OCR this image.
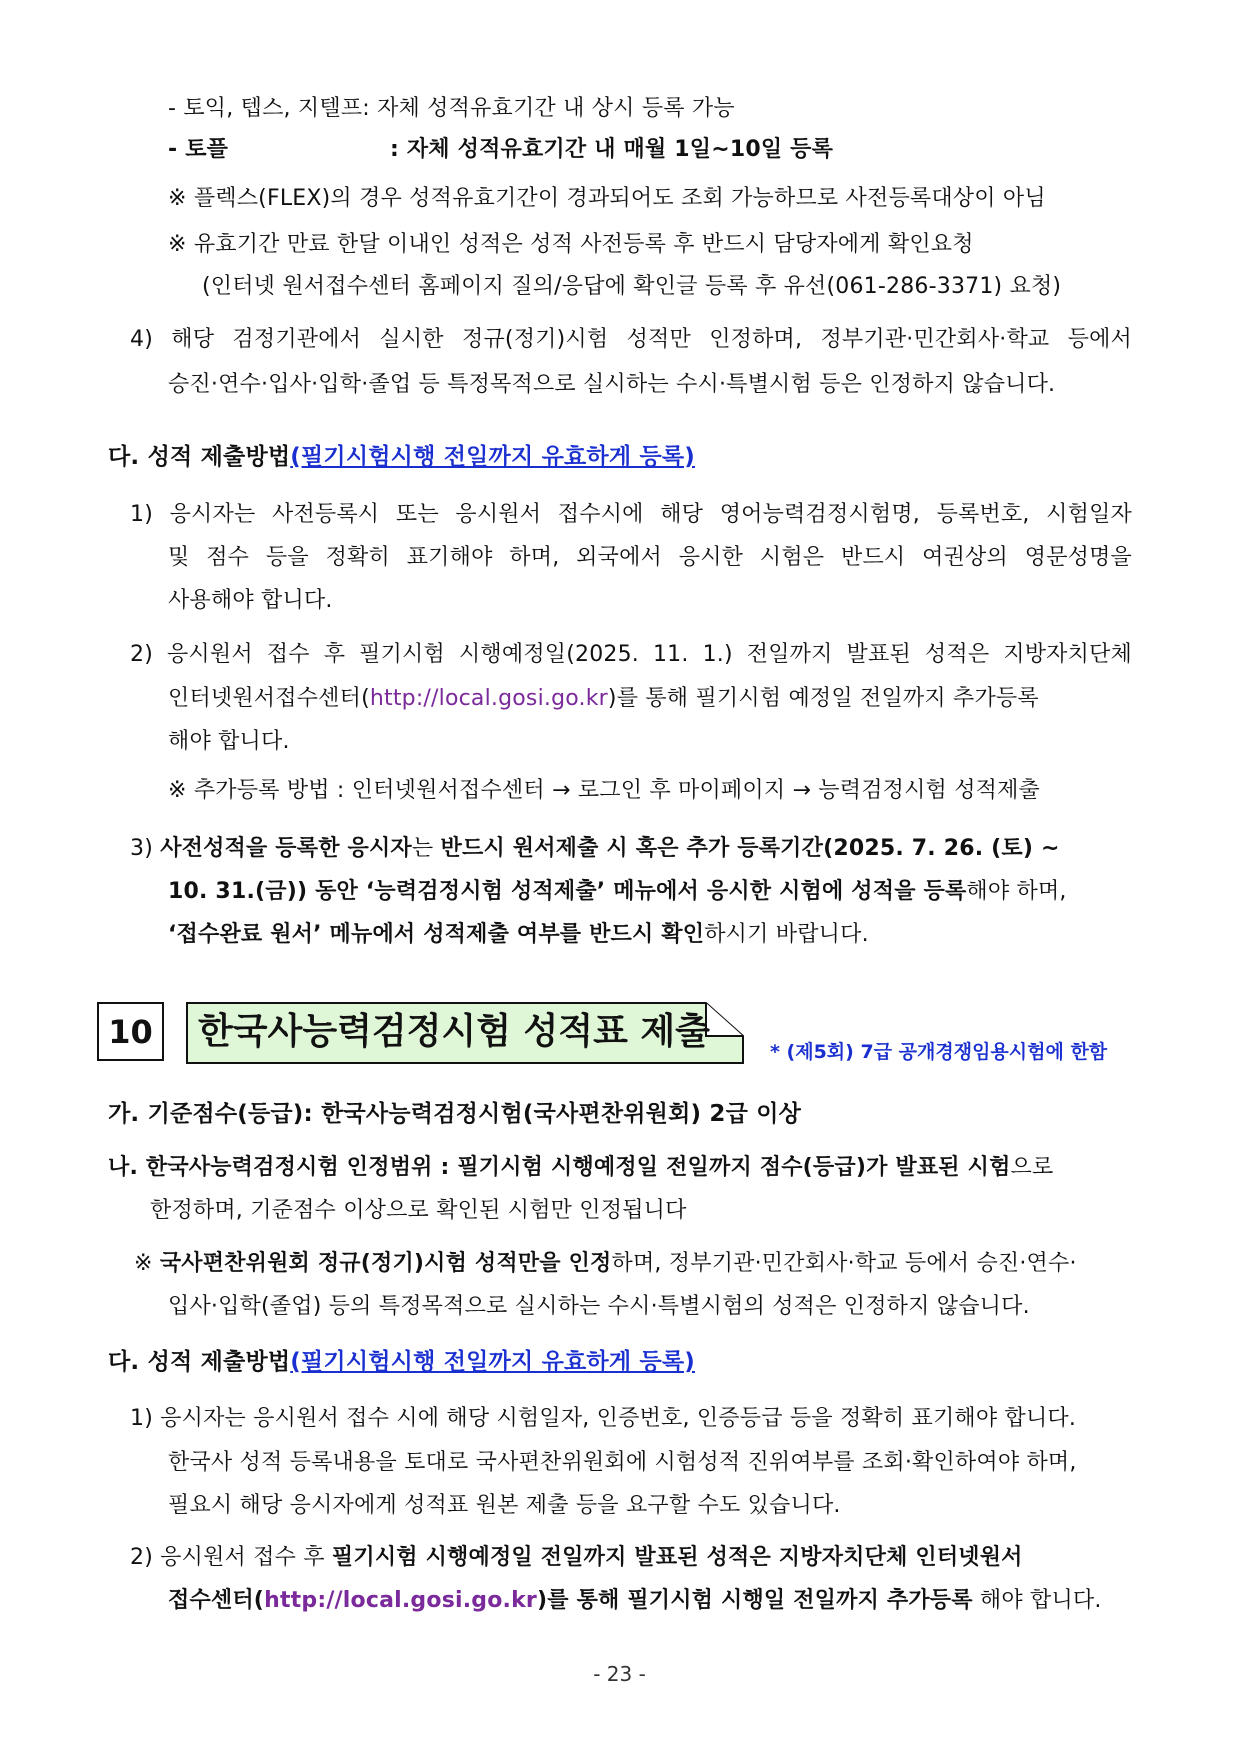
- 토익, 텝스, 지텔프: 자체 성적유효기간 내 상시 등록 가능
- 토플	: 자체 성적유효기간 내 매월 1일~10일 등록
※ 플렉스(FLEX)의 경우 성적유효기간이 경과되어도 조회 가능하므로 사전등록대상이 아님
※ 유효기간 만료 한달 이내인 성적은 성적 사전등록 후 반드시 담당자에게 확인요청
(인터넷 원서접수센터 홈페이지 질의/응답에 확인글 등록 후 유선(061-286-3371) 요청)
4) 해당 검정기관에서 실시한 정규(정기)시험 성적만 인정하며, 정부기관·민간회사·학교 등에서
승진·연수·입사·입학·졸업 등 특정목적으로 실시하는 수시·특별시험 등은 인정하지 않습니다.
다. 성적 제출방법(필기시험시행 전일까지 유효하게 등록)
1) 응시자는 사전등록시 또는 응시원서 접수시에 해당 영어능력검정시험명, 등록번호, 시험일자
및 점수 등을 정확히 표기해야 하며, 외국에서 응시한 시험은 반드시 여권상의 영문성명을
사용해야 합니다.
2) 응시원서 접수 후 필기시험 시행예정일(2025. 11. 1.) 전일까지 발표된 성적은 지방자치단체
인터넷원서접수센터(http://local.gosi.go.kr)를 통해 필기시험 예정일 전일까지 추가등록
해야 합니다.
※ 추가등록 방법 : 인터넷원서접수센터 → 로그인 후 마이페이지 → 능력검정시험 성적제출
3) 사전성적을 등록한 응시자는 반드시 원서제출 시 혹은 추가 등록기간(2025. 7. 26. (토) ~
10. 31.(금)) 동안 ‘능력검정시험 성적제출’ 메뉴에서 응시한 시험에 성적을 등록해야 하며,
‘접수완료 원서’ 메뉴에서 성적제출 여부를 반드시 확인하시기 바랍니다.
10	한국사능력검정시험 성적표 제출	* (제5회) 7급 공개경쟁임용시험에 한함
가. 기준점수(등급): 한국사능력검정시험(국사편찬위원회) 2급 이상
나. 한국사능력검정시험 인정범위 : 필기시험 시행예정일 전일까지 점수(등급)가 발표된 시험으로
한정하며, 기준점수 이상으로 확인된 시험만 인정됩니다
※ 국사편찬위원회 정규(정기)시험 성적만을 인정하며, 정부기관·민간회사·학교 등에서 승진·연수·
입사·입학(졸업) 등의 특정목적으로 실시하는 수시·특별시험의 성적은 인정하지 않습니다.
다. 성적 제출방법(필기시험시행 전일까지 유효하게 등록)
1) 응시자는 응시원서 접수 시에 해당 시험일자, 인증번호, 인증등급 등을 정확히 표기해야 합니다.
한국사 성적 등록내용을 토대로 국사편찬위원회에 시험성적 진위여부를 조회·확인하여야 하며,
필요시 해당 응시자에게 성적표 원본 제출 등을 요구할 수도 있습니다.
2) 응시원서 접수 후 필기시험 시행예정일 전일까지 발표된 성적은 지방자치단체 인터넷원서
접수센터(http://local.gosi.go.kr)를 통해 필기시험 시행일 전일까지 추가등록 해야 합니다.
- 23 -
